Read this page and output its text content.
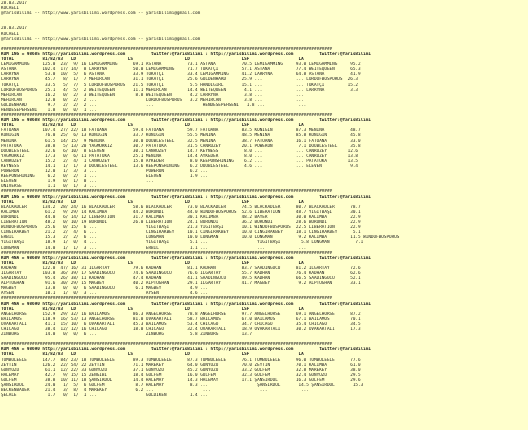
28.03.2017
KOCAELİ
@YarisBilimi -- http://www.yarisbilimi.wordpress.com -- yarisbilimi@gmail.com
28.03.2017
KOCAELİ
@YarisBilimi -- http://www.yarisbilimi.wordpress.com -- yarisbilimi@gmail.com
################################################################################################################################
KUM 1NG = 98685 http://yarisbilimi.wordpress.com          twitter:@YarisBilimi : http://yarisbilimi.wordpress.com          twitter:@YarisBilimi
TOTAL           81/82/83   LD                    LS                    LD                    LSF                   LA
LEMIGAMMING     125.0  23/  9/ 16 LEMIGAMMING      69.1 ASTANA          73.1 ASTANA          70.5 LEMIGAMMING     93.0 LEMIGAMMING     95.2
ASTANA          102.4  17/ 14/  8 LARRYNA          50.0 LEMIGAMMING     71.7 TOKATÇI         57.1 ASTANA          77.4 WEITEQUEEN      65.3
LARRYNA          53.0  10/  5/  6 ASTANA           33.9 TOKATÇI         33.4 LEMIGAMMING     41.2 LARRYNA         64.8 ASTANA          41.9
LARRYNA          45.7   8/  1/  7 MEHİRCAN         31.1 TOKATÇI         25.6 GOLDENHARD      25.9 ...             ... LORDOFBOSPORUS  26.3
TOKATÇI          33.5   5/  7/  5 LORDOFBOSPORUS   21.5 TOKATÇI          5.5 HANDIGIRL       15.1 ...             ... TOKATÇI         15.2
LORDOFBOSPORUS   25.1   4/  5/  2 WEITEQUEEN       11.1 MEHİRCAN        14.4 WEITEQUEEN       4.1 ...             ... LARRYNA          3.3
MEHİRCAN         16.2   0/  2/  3 WEITEQUEEN        8.8 WEITEQUEEN       4.2 LARRYNA          3.8 ...             ...
MEHİRCAN         12.0   0/  2/  2 ...                   LORDOFBOSPORUS   3.2 MEHİRCAN         3.8 ...             ...
GOLDENHARD        9.7   2/  2/  2 ...                   ...                   HENDESEPEHSENI   1.8 ...             ...
HENDESEPEHSENI    1.8   0/  0/  1 ...
################################################################################################################################
KUM 1NG = 98688 http://yarisbilimi.wordpress.com          twitter:@YarisBilimi : http://yarisbilimi.wordpress.com          twitter:@YarisBilimi
TOTAL           81/82/83   LD                    LS                    LD                    LSF                   LA
FATOANA         107.4  27/ 22/ 18 FATOANA          59.4 FATOANA         59.7 FATOANA         83.5 KONIGIN         87.3 MENINA          48.7
KONIGIN          76.0  25/  6/ 13 KONIGIN          33.7 KONIGIN         55.5 MENINA          48.5 MENINA          85.8 KONIGIN         45.8
MENINA           61.5  14/ 15/  9 MENINA           30.0 DOUBLESTEEL     32.5 MENINA          38.7 FATOANA         16.1 FATOANA         33.0
PATATUKA         38.8   5/ 13/ 20 YAGMURKIZ        30.7 PATATUKA        31.5 CANRUZEY        20.1 POWERON          7.1 DOUBLESTEEL     35.8
DOUBLESTEEL      32.6   6/ 10/  8 ELEVEN           30.1 CANRUZEY        14.7 KEYNESS          8.0 ...             ... CANRUZEY        12.6
YAGMURKIZ        17.3   0/  6/ 11 PATATUKA         25.1 MENINA          14.4 AYKEDER          8.0 ...             ... CANRUZEY        13.8
CANRUZEY         15.2   2/  4/  1 CANRUZEY         15.8 AYKEDER          8.0 KEEPONSHINING    6.2 ...             ... PATATUKA        13.5
KEYNESS          14.1   1/  1/  3 DOUBLESTEEL      13.6 KEEPONSHINING    6.2 DOUBLESTEEL      4.6 ...             ... ELEVEN           9.4
POWERON          12.0   1/  3/  3 ...                   POWERON          6.2 ...
KEEPONSHINING     6.2   0/  2/  1 ...                   ELEVEN           1.9 ...
ELEVEN            1.9   0/  1/  0 ...                   ...
UNIVERSE          1.1   0/  1/  3 ...
################################################################################################################################
KUM 1NG = 98689 http://yarisbilimi.wordpress.com          twitter:@YarisBilimi : http://yarisbilimi.wordpress.com          twitter:@YarisBilimi
TOTAL           81/82/83   LD                    LS                    LD                    LSF                   LA
BLACKADLER      134.2  28/ 24/ 16 BLACKADLER       58.6 BLACKADLER      73.0 BLACKADLER      74.5 BLACKADLER      80.7 BLACKADLER      78.7
KALIMBA          61.2   9/ 29/ 14 KALIMBA          44.2 BURUNDI         44.0 WINDOFBOSPORUS  52.6 LIBERATION      48.7 YİĞİTBAŞI       30.1
BURUNDI          44.0   6/ 14/ 12 LIBERATION       31.7 KALIMBA         30.1 KALIMBA         48.2 BAYER           30.0 KALIMBA         22.9
LIBERATION       48.2   0/ 10/ 19 BURUNDI          26.0 LIBERATION      24.1 BURUNDI         36.2 BURUNDI         28.6 BURUNDI         22.9
WINDOFBOSPORUS   25.6   0/ 15/  6 ...                   YİĞİTBAŞI       21.3 YİĞİTBAŞI       10.1 WINDOFBOSPORUS  22.5 LIBERATION      22.9
CINGIRAKBEY      21.2   2/  4/  6 ...                   CINGIRAKBEY     10.1 CINGIRAKBEY     10.0 CINGIRAKBEY     18.1 CINGIRAKBEY      5.1
ERBİL            15.3   2/  2/  6 ...                   LONGMAN         10.0 LONGMAN         10.0 LONGMAN          9.2 KALIMBA         11.5 WINDOFBOSPORUS
YİĞİTBAŞI        18.9   1/  0/  4 ...                   YİĞİTBAŞI        5.1 ...                   YİĞİTBAŞI        5.8 LONGMAN          7.1
LONGMAN          14.0   1/  1/  3 ...                   ERBİL            1.1 ...                   ...             ...
################################################################################################################################
KUM 4NA = 98689 http://yarisbilimi.wordpress.com          twitter:@YarisBilimi : http://yarisbilimi.wordpress.com          twitter:@YarisBilimi
TOTAL           81/82/83   LD                    LS                    LD                    LSF                   LA
KADHAN          122.0  47/ 16/ 31 İLGARTAY         79.6 KADHAN          81.1 KADHAN          83.7 SAADİNGÜCÜ      81.2 İLGARTAY        72.6
İLGARTAY        103.8  36/ 39/ 17 SAADİNGÜCÜ       74.6 SAADİNGÜCÜ      76.6 İLGARTAY        55.7 KADHAN          76.4 KADHAN          62.6
SAADİNGÜCÜ       95.4  26/ 38/ 11 KADHAN           47.4 KADHAN          41.1 SAADİNGÜCÜ      49.5 KADHAN          66.5 SAADİNGÜCÜ      52.1
ALPTUĞHAN        91.6  30/ 29/ 15 MAGBEY           40.2 ALPTUĞHAN       29.1 İLGARTAY        41.7 MAGBEY           9.2 ALPTUĞHAN       33.1
MAGBEY           13.8   0/  0/  6 SAADİNGÜCÜ        6.1 MAGBEY           4.9 ...
AYSEN            10.1   1/  0/  3 ...                   AYSEN            4.6 ...
################################################################################################################################
KUM 4NA = 98690 http://yarisbilimi.wordpress.com          twitter:@YarisBilimi : http://yarisbilimi.wordpress.com          twitter:@YarisBilimi
TOTAL           81/82/83   LD                    LS                    LD                    LSF                   LA
ANGELHORSE      152.9  29/ 32/ 16 BAILAMOS         86.3 ANGELHORSE      78.8 ANGELHORSE      97.7 ANGELHORSE      69.1 ANGELHORSE      87.2
BAILAMOS        118.9  16/ 53/ 13 ANGELHORSE       81.0 OVAKARTALI      58.7 BAILAMOS        67.0 BAILAMOS        67.1 BAILAMOS        70.1
OVAKARTALI       41.1  15/ 10/  6 OVAKARTALI       45.3 BAILAMOS        53.4 CHICAGO         34.7 CHICAGO         35.4 CHICAGO         34.5
CHICAGO          38.4  12/ 12/ 16 CHICAGO          18.0 CHICAGO         32.4 OVAKARTALI      18.9 OVAKARTALI      30.2 OVAKARTALI      17.3
ZİNBURG          14.0   0/  0/  6 ...                   ZİNBURG          5.8 ZİNBURG         13.7
################################################################################################################################
KUM 4NA = 98690 http://yarisbilimi.wordpress.com          twitter:@YarisBilimi : http://yarisbilimi.wordpress.com          twitter:@YarisBilimi
TOTAL           81/82/83   LD                    LS                    LD                    LSF                   LA
TUMBULEELE      147.7  84/ 23/ 18 TUMBULEELE       89.3 TUMBULEELE      87.3 TUMBULEELE      76.1 TUMBULEELE      96.0 TUMBULEELE      77.6
ZEYTİN          126.2  22/ 54/ 22 ZEYTİN           71.1 MAREKEY         64.0 GÜNYÜZÜ         70.0 ZEYTİN          70.1 KALIMBA         61.0
GÜNYÜZÜ          61.1  12/ 22/ 33 GÜNYÜZÜ          37.1 GÜNYÜZÜ         45.2 GÜNYÜZÜ         33.2 GÜLFEM          32.8 MAREKEY         38.0
HALEMAY          42.7   9/ 15/ 15 ZENGİBİ          18.4 GÜLFEM          16.0 GÜLFEM          32.3 GÜLFEM          32.4 GÜNYÜZÜ         29.5
GÜLFEM           38.8  10/ 11/ 18 ŞANSIRDOL        14.4 HALEMAY         14.3 HALEMAY         17.1 ŞANSIRDOL       16.3 GÜLFEM          29.6
ŞANSIRDOL        24.0   1/  5/  6 GÜLFEM            8.7 HALEMAY          8.3 ...                   ŞANSIRDOL       14.5 ŞANSIRDOL       15.3
BECKENBAUER      21.4   3/  8/  4 MAREKEY           6.2 ...                   ...                   ...             ...
ŞELALE            1.7   0/  1/  1 ...                   GÖLDİKEN         1.4 ...
